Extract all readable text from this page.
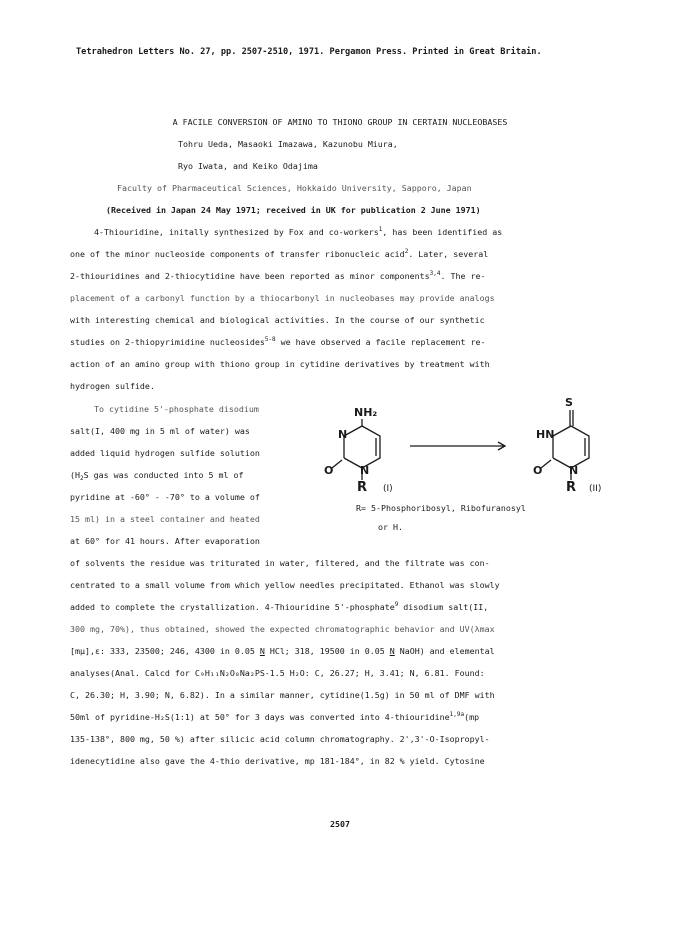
Tetrahedron Letters No. 27, pp. 2507-2510, 1971. Pergamon Press. Printed in Great Britain.
A FACILE CONVERSION OF AMINO TO THIONO GROUP IN CERTAIN NUCLEOBASES
Tohru Ueda, Masaoki Imazawa, Kazunobu Miura,
Ryo Iwata, and Keiko Odajima
Faculty of Pharmaceutical Sciences, Hokkaido University, Sapporo, Japan
(Received in Japan 24 May 1971; received in UK for publication 2 June 1971)
4-Thiouridine, initally synthesized by Fox and co-workers$^1$, has been identified as
one of the minor nucleoside components of transfer ribonucleic acid$^2$. Later, several
2-thiouridines and 2-thiocytidine have been reported as minor components$^{3,4}$. The re-
placement of a carbonyl function by a thiocarbonyl in nucleobases may provide analogs
with interesting chemical and biological activities. In the course of our synthetic
studies on 2-thiopyrimidine nucleosides$^{5-8}$ we have observed a facile replacement re-
action of an amino group with thiono group in cytidine derivatives by treatment with
hydrogen sulfide.
To cytidine 5'-phosphate disodium
salt(I, 400 mg in 5 ml of water) was
added liquid hydrogen sulfide solution
($H_2S$ gas was conducted into 5 ml of
pyridine at -60° - -70° to a volume of
15 ml) in a steel container and heated
at 60° for 41 hours. After evaporation
NH₂
N
N
O
R
S
HN
N
O
R
(I)	(II)
R= 5-Phosphoribosyl, Ribofuranosyl
or H.
of solvents the residue was triturated in water, filtered, and the filtrate was con-
centrated to a small volume from which yellow needles precipitated. Ethanol was slowly
added to complete the crystallization. 4-Thiouridine 5'-phosphate$^9$ disodium salt(II,
300 mg, 70%), thus obtained, showed the expected chromatographic behavior and UV(λmax
[mμ],ε: 333, 23500; 246, 4300 in 0.05 N HCl; 318, 19500 in 0.05 N NaOH) and elemental
analyses(Anal. Calcd for C₉H₁₁N₂O₈Na₂PS-1.5 H₂O: C, 26.27; H, 3.41; N, 6.81. Found:
C, 26.30; H, 3.90; N, 6.82). In a similar manner, cytidine(1.5g) in 50 ml of DMF with
50ml of pyridine-H₂S(1:1) at 50° for 3 days was converted into 4-thiouridine$^{1,9a}$(mp
135-138°, 800 mg, 50 %) after silicic acid column chromatography. 2',3'-O-Isopropyl-
idenecytidine also gave the 4-thio derivative, mp 181-184°, in 82 % yield. Cytosine
2507
